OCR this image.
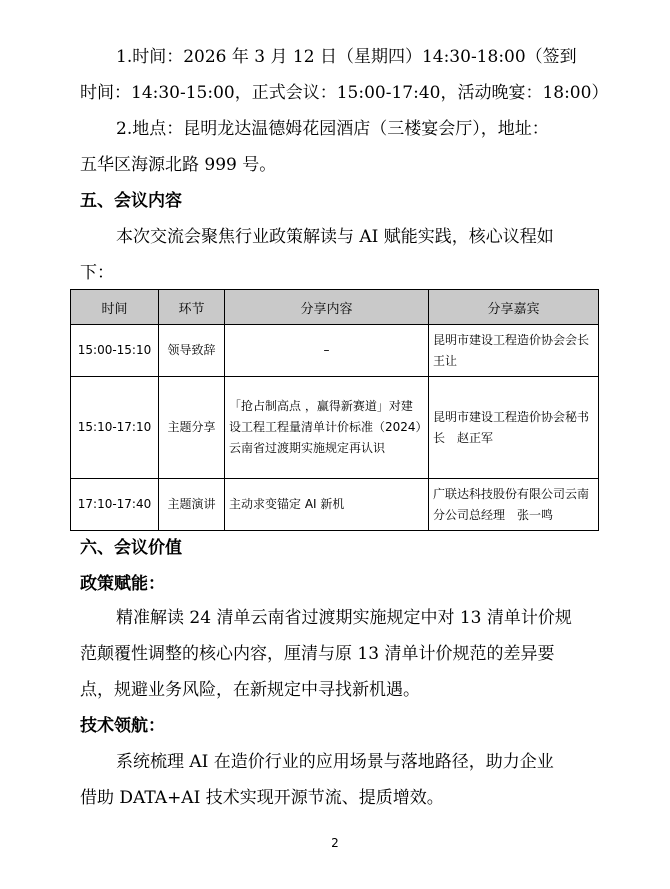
1.时间：2026 年 3 月 12 日（星期四）14:30-18:00（签到
时间：14:30-15:00，正式会议：15:00-17:40，活动晚宴：18:00）
2.地点：昆明龙达温德姆花园酒店（三楼宴会厅），地址：
五华区海源北路 999 号。
五、会议内容
本次交流会聚焦行业政策解读与 AI 赋能实践，核心议程如
下：
时间	环节	分享内容	分享嘉宾
15:00-15:10	领导致辞	–	昆明市建设工程造价协会会长　王让
15:10-17:10	主题分享	「抢占制高点 ，赢得新赛道」对建设工程工程量清单计价标准（2024）云南省过渡期实施规定再认识	昆明市建设工程造价协会秘书长　赵正军
17:10-17:40	主题演讲	主动求变锚定 AI 新机	广联达科技股份有限公司云南分公司总经理　张一鸣
六、会议价值
政策赋能：
精准解读 24 清单云南省过渡期实施规定中对 13 清单计价规
范颠覆性调整的核心内容，厘清与原 13 清单计价规范的差异要
点，规避业务风险，在新规定中寻找新机遇。
技术领航：
系统梳理 AI 在造价行业的应用场景与落地路径，助力企业
借助 DATA+AI 技术实现开源节流、提质增效。
2
